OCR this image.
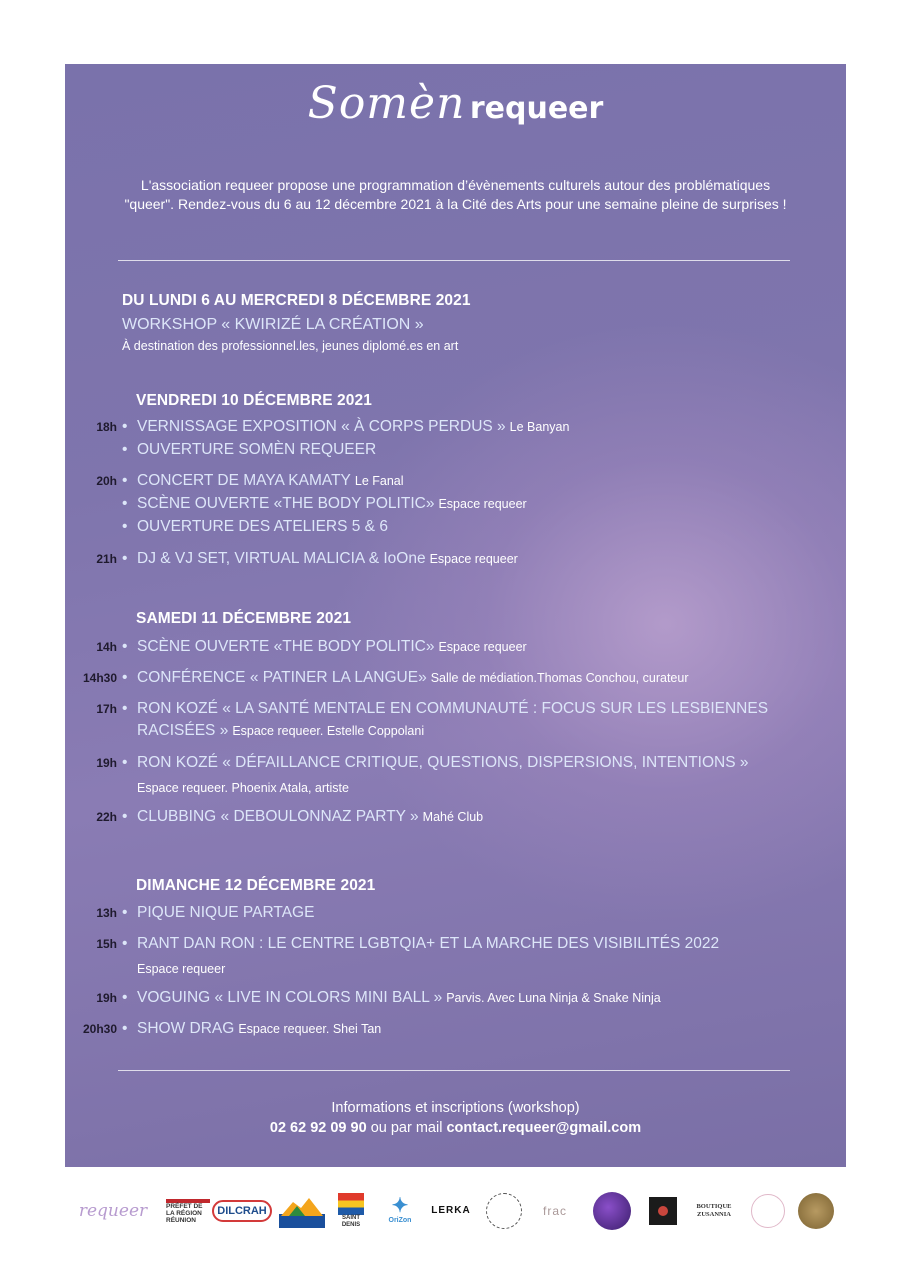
Somèn requeer

L'association requeer propose une programmation d’évènements culturels autour des problématiques "queer". Rendez-vous du 6 au 12 décembre 2021 à la Cité des Arts pour une semaine pleine de surprises !

DU LUNDI 6 AU MERCREDI 8 DÉCEMBRE 2021
WORKSHOP « KWIRIZÉ LA CRÉATION »
À destination des professionnel.les, jeunes diplomé.es en art
VENDREDI 10 DÉCEMBRE 2021
18h • VERNISSAGE EXPOSITION « À CORPS PERDUS » Le Banyan
• OUVERTURE SOMÈN REQUEER
20h • CONCERT DE MAYA KAMATY Le Fanal
• SCÈNE OUVERTE «THE BODY POLITIC» Espace requeer
• OUVERTURE DES ATELIERS 5 & 6
21h • DJ & VJ SET, VIRTUAL MALICIA & IoOne Espace requeer
SAMEDI 11 DÉCEMBRE 2021
14h • SCÈNE OUVERTE «THE BODY POLITIC» Espace requeer
14h30 • CONFÉRENCE « PATINER LA LANGUE» Salle de médiation.Thomas Conchou, curateur
17h • RON KOZÉ « LA SANTÉ MENTALE EN COMMUNAUTÉ : FOCUS SUR LES LESBIENNES RACISÉES » Espace requeer. Estelle Coppolani
19h • RON KOZÉ « DÉFAILLANCE CRITIQUE, QUESTIONS, DISPERSIONS, INTENTIONS »
Espace requeer. Phoenix Atala, artiste
22h • CLUBBING « DEBOULONNAZ PARTY » Mahé Club
DIMANCHE 12 DÉCEMBRE 2021
13h • PIQUE NIQUE PARTAGE
15h • RANT DAN RON : LE CENTRE LGBTQIA+ ET LA MARCHE DES VISIBILITÉS 2022
Espace requeer
19h • VOGUING « LIVE IN COLORS MINI BALL » Parvis. Avec Luna Ninja & Snake Ninja
20h30 • SHOW DRAG Espace requeer. Shei Tan
Informations et inscriptions (workshop)
02 62 92 09 90 ou par mail contact.requeer@gmail.com
requeer	PRÉFET DE LA RÉGION RÉUNION
DILCRAH
SAINT DENIS
✦
OriZon
LERKA	frac	BOUTIQUE ZUSANNIA
